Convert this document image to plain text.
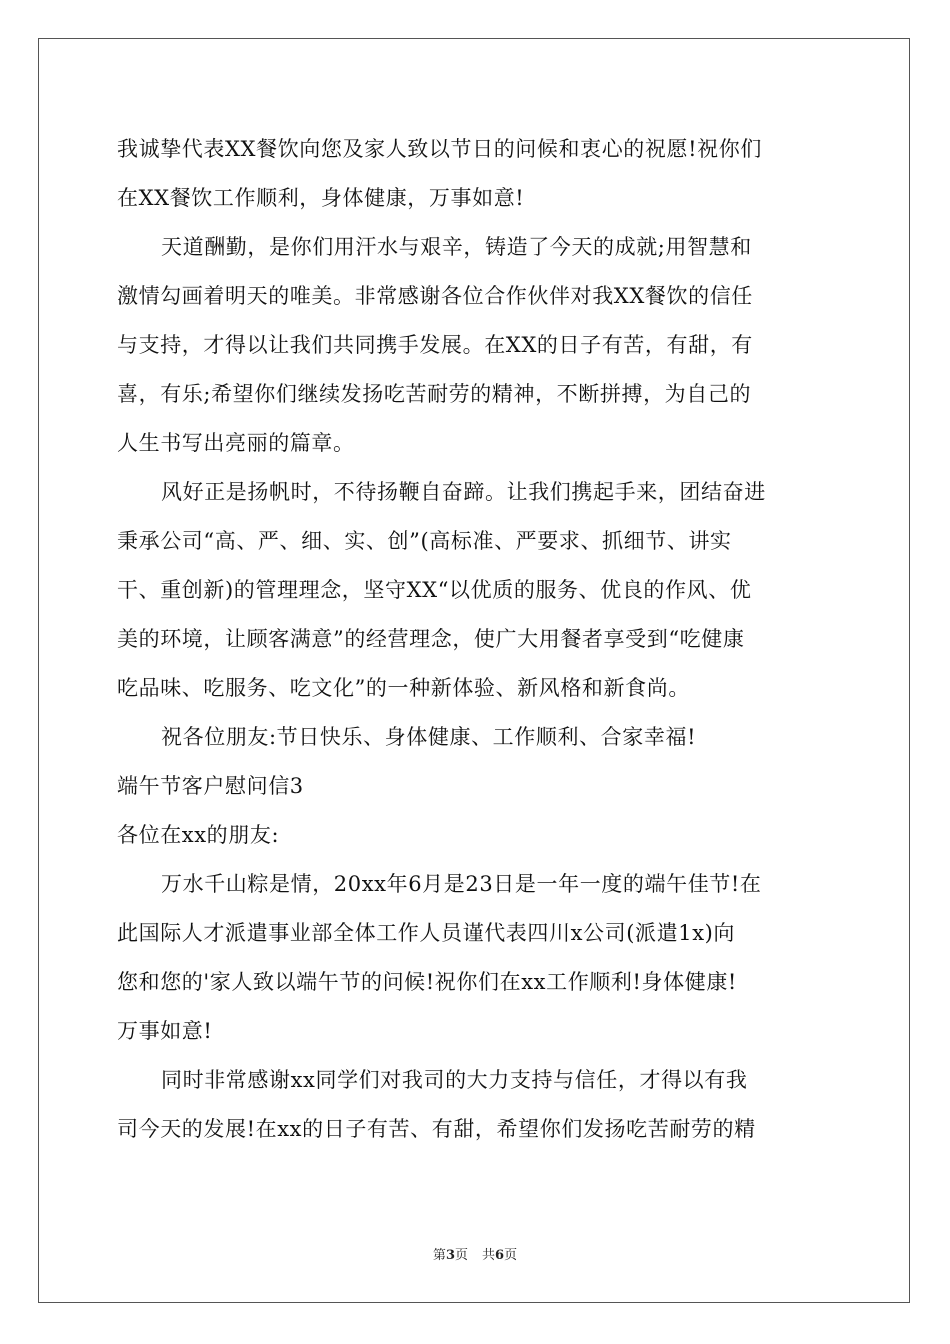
我诚挚代表XX餐饮向您及家人致以节日的问候和衷心的祝愿!祝你们
在XX餐饮工作顺利，身体健康，万事如意!
天道酬勤，是你们用汗水与艰辛，铸造了今天的成就;用智慧和
激情勾画着明天的唯美。非常感谢各位合作伙伴对我XX餐饮的信任
与支持，才得以让我们共同携手发展。在XX的日子有苦，有甜，有
喜，有乐;希望你们继续发扬吃苦耐劳的精神，不断拼搏，为自己的
人生书写出亮丽的篇章。
风好正是扬帆时，不待扬鞭自奋蹄。让我们携起手来，团结奋进
秉承公司“高、严、细、实、创”(高标准、严要求、抓细节、讲实
干、重创新)的管理理念，坚守XX“以优质的服务、优良的作风、优
美的环境，让顾客满意”的经营理念，使广大用餐者享受到“吃健康
吃品味、吃服务、吃文化”的一种新体验、新风格和新食尚。
祝各位朋友:节日快乐、身体健康、工作顺利、合家幸福!
端午节客户慰问信3
各位在xx的朋友:
万水千山粽是情，20xx年6月是23日是一年一度的端午佳节!在
此国际人才派遣事业部全体工作人员谨代表四川x公司(派遣1x)向
您和您的'家人致以端午节的问候!祝你们在xx工作顺利!身体健康!
万事如意!
同时非常感谢xx同学们对我司的大力支持与信任，才得以有我
司今天的发展!在xx的日子有苦、有甜，希望你们发扬吃苦耐劳的精
第3页 共6页
